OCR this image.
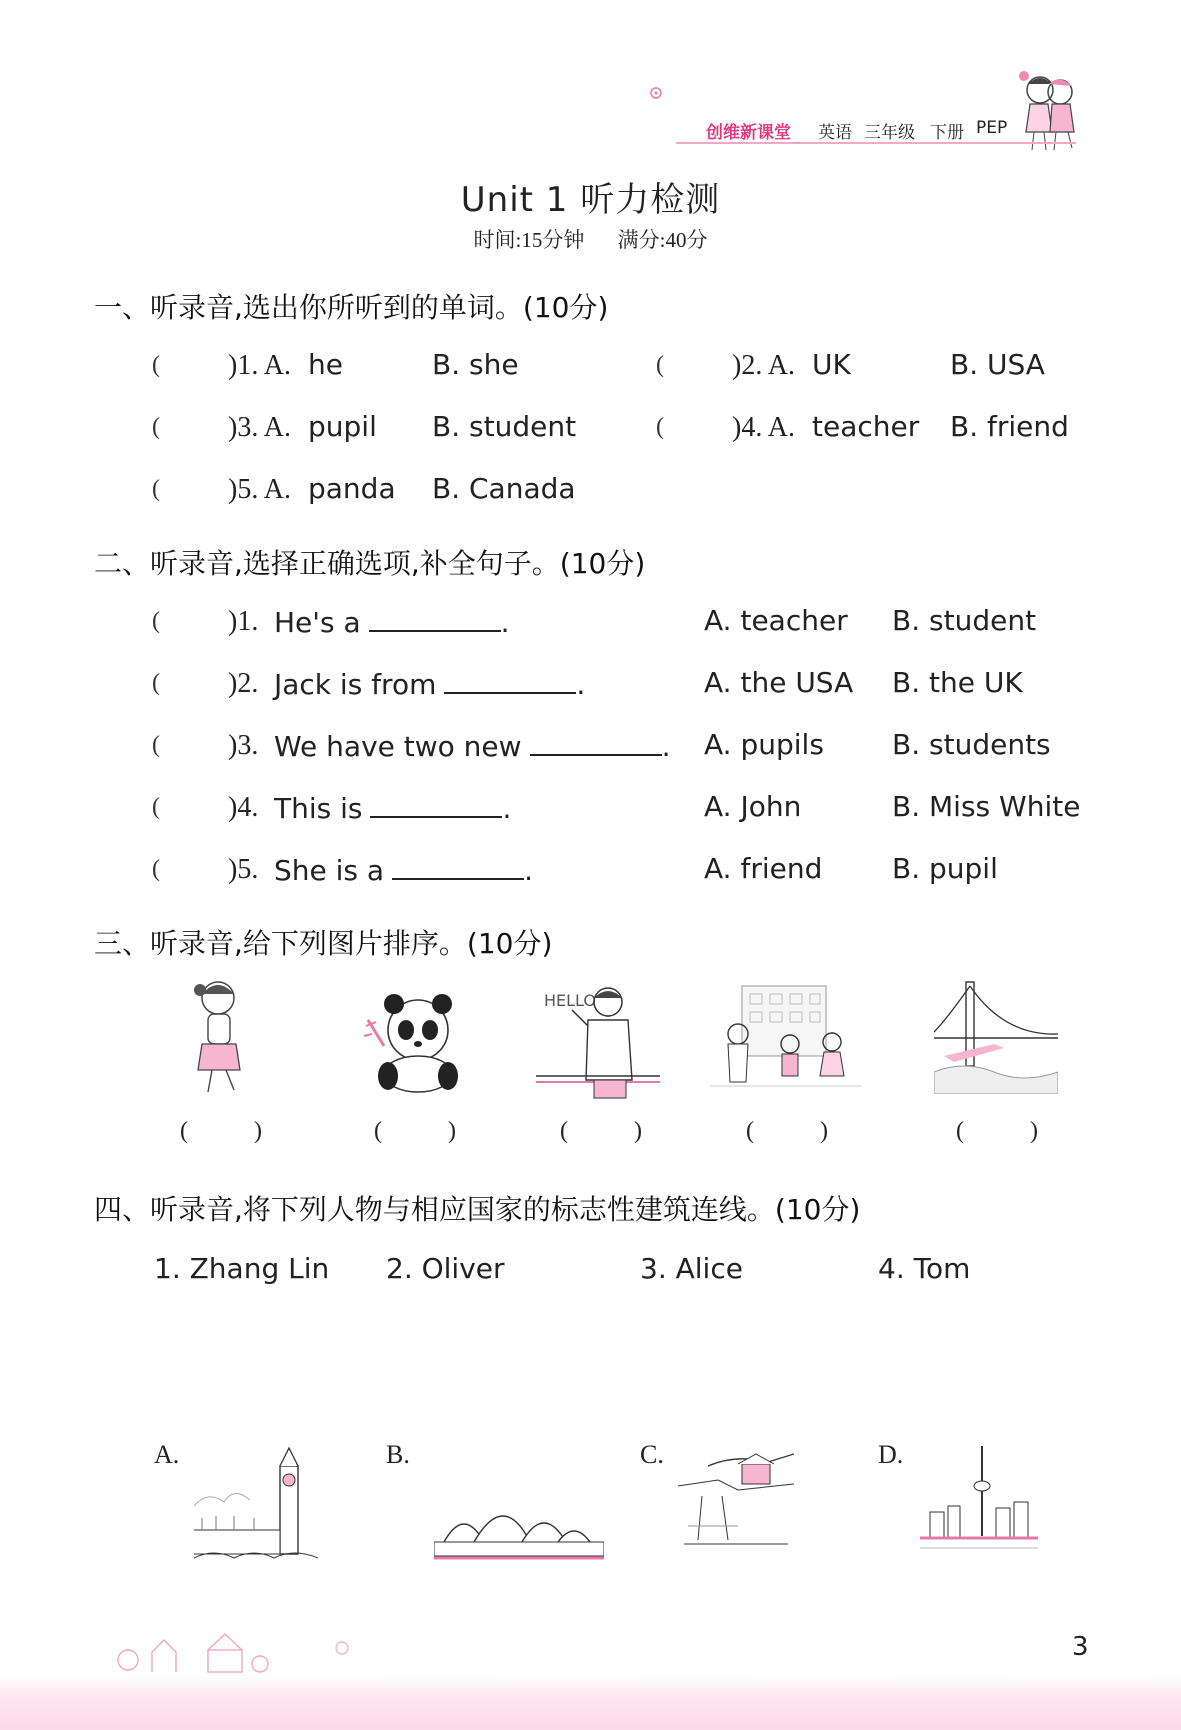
创维新课堂 英语 三年级 下册 PEP
Unit 1 听力检测
时间:15分钟 满分:40分
一、听录音,选出你所听到的单词。(10分)
( )1. A. he	B. she	( )2. A. UK	B. USA
( )3. A. pupil B. student	( )4. A. teacher B. friend
( )5. A. panda B. Canada
二、听录音,选择正确选项,补全句子。(10分)
( )1. He's a	.	A. teacher B. student
( )2. Jack is from	.	A. the USA B. the UK
( )3. We have two new	. A. pupils B. students
( )4. This is	.	A. John	B. Miss White
( )5. She is a	.	A. friend B. pupil
三、听录音,给下列图片排序。(10分)
HELLO
(	)	(	)	(	)	(	)	(	)
四、听录音,将下列人物与相应国家的标志性建筑连线。(10分)
1. Zhang Lin 2. Oliver	3. Alice	4. Tom
A.	B.	C.	D.
3
